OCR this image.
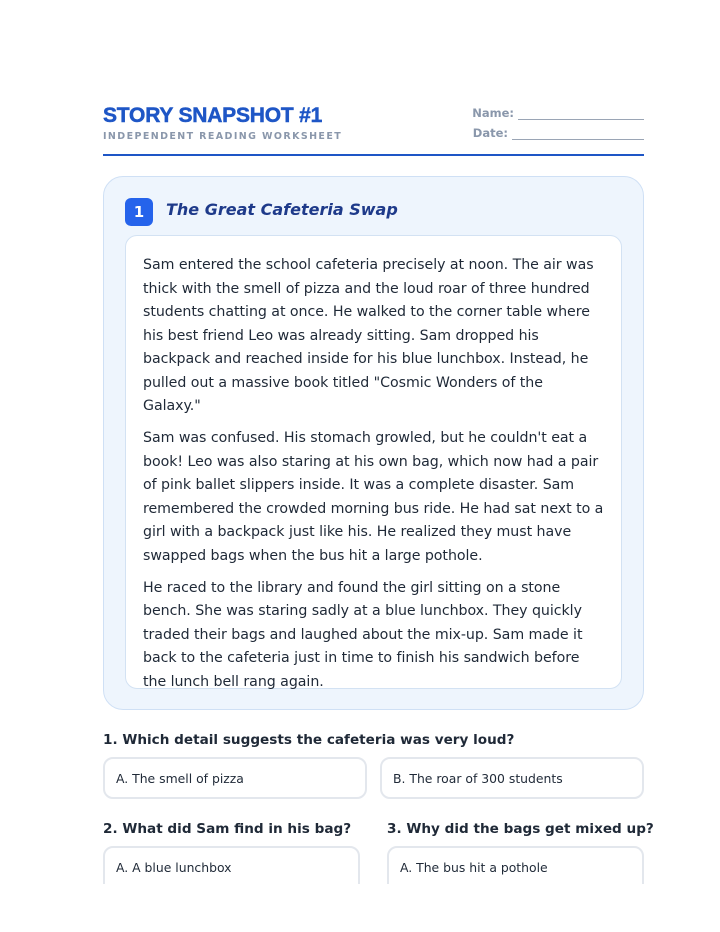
STORY SNAPSHOT #1
INDEPENDENT READING WORKSHEET
Name:
Date:
1	The Great Cafeteria Swap

Sam entered the school cafeteria precisely at noon. The air was thick with the smell of pizza and the loud roar of three hundred students chatting at once. He walked to the corner table where his best friend Leo was already sitting. Sam dropped his backpack and reached inside for his blue lunchbox. Instead, he pulled out a massive book titled "Cosmic Wonders of the Galaxy."

Sam was confused. His stomach growled, but he couldn't eat a book! Leo was also staring at his own bag, which now had a pair of pink ballet slippers inside. It was a complete disaster. Sam remembered the crowded morning bus ride. He had sat next to a girl with a backpack just like his. He realized they must have swapped bags when the bus hit a large pothole.

He raced to the library and found the girl sitting on a stone bench. She was staring sadly at a blue lunchbox. They quickly traded their bags and laughed about the mix-up. Sam made it back to the cafeteria just in time to finish his sandwich before the lunch bell rang again.

1. Which detail suggests the cafeteria was very loud?
A. The smell of pizza	B. The roar of 300 students
2. What did Sam find in his bag?
A. A blue lunchbox
3. Why did the bags get mixed up?
A. The bus hit a pothole
